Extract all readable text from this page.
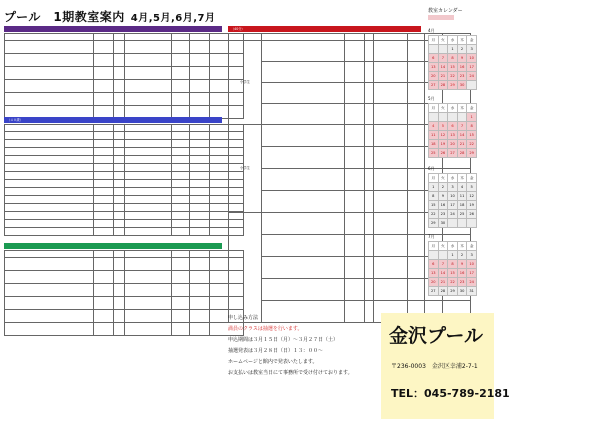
プール　1期教室案内 4月,5月,6月,7月

（４０歳）

（40分）

小学生							

小学生							

教室カレンダー
4月
月	火	水	木	金
		1	2	3
6	7	8	9	10
13	14	15	16	17
20	21	22	23	24
27	28	29	30	
5月
月	火	水	木	金
				1
4	5	6	7	8
11	12	13	14	15
18	19	20	21	22
25	26	27	28	29
6月
月	火	水	木	金
1	2	3	4	5
8	9	10	11	12
15	16	17	18	19
22	23	24	25	26
29	30			
7月
月	火	水	木	金
		1	2	3
6	7	8	9	10
13	14	15	16	17
20	21	22	23	24
27	28	29	30	31
申し込み方法
満員のクラスは抽選を行います。
申込期間は３月１５日（月）～３月２７日（土）
抽選発表は３月２８日（日）１３：００～
ホームページと館内で発表いたします。
お支払いは教室当日にて事務所で受け付けております。
金沢プール
〒236-0003　 金沢区幸浦2-7-1
TEL：045-789-2181
